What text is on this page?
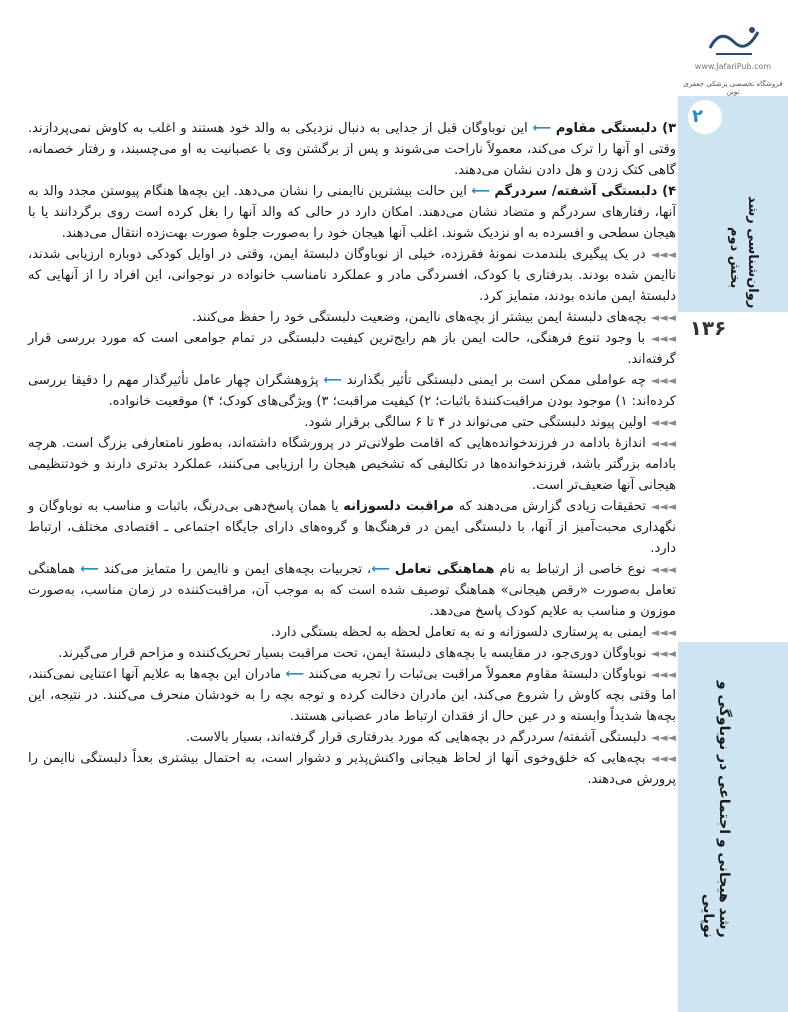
www.JafariPub.com
فروشگاه تخصصی پزشکی جعفری نوین
٢
بخش دوم روان‌شناسی رشد
۱۳۶
رشد هیجانی و اجتماعی در نوباوگی و نوپایی

۳) دلبستگی مقاوم ⟵ این نوباوگان قبل از جدایی به دنبال نزدیکی به والد خود هستند و اغلب به کاوش نمی‌پردازند. وقتی او آنها را ترک می‌کند، معمولاً ناراحت می‌شوند و پس از برگشتن وی با عصبانیت به او می‌چسبند، و رفتار خصمانه، گاهی کتک زدن و هل دادن نشان می‌دهند.

۴) دلبستگی آشفته/ سردرگم ⟵ این حالت بیشترین ناایمنی را نشان می‌دهد. این بچه‌ها هنگام پیوستن مجدد والد به آنها، رفتارهای سردرگم و متضاد نشان می‌دهند. امکان دارد در حالی که والد آنها را بغل کرده است روی برگردانند یا با هیجان سطحی و افسرده به او نزدیک شوند. اغلب آنها هیجان خود را به‌صورت جلوهٔ صورت بهت‌زده انتقال می‌دهند.

◄◄◄ در یک پیگیری بلندمدت نمونهٔ فقرزده، خیلی از نوباوگان دلبستهٔ ایمن، وقتی در اوایل کودکی دوباره ارزیابی شدند، ناایمن شده بودند. بدرفتاری با کودک، افسردگی مادر و عملکرد نامناسب خانواده در نوجوانی، این افراد را از آنهایی که دلبستهٔ ایمن مانده بودند، متمایز کرد.

◄◄◄ بچه‌های دلبستهٔ ایمن بیشتر از بچه‌های ناایمن، وضعیت دلبستگی خود را حفظ می‌کنند.

◄◄◄ با وجود تنوع فرهنگی، حالت ایمن باز هم رایج‌ترین کیفیت دلبستگی در تمام جوامعی است که مورد بررسی قرار گرفته‌اند.

◄◄◄ چه عواملی ممکن است بر ایمنی دلبستگی تأثیر بگذارند ⟵ پژوهشگران چهار عامل تأثیرگذار مهم را دقیقا بررسی کرده‌اند: ۱) موجود بودن مراقبت‌کنندهٔ باثبات؛ ۲) کیفیت مراقبت؛ ۳) ویژگی‌های کودک؛ ۴) موقعیت خانواده.

◄◄◄ اولین پیوند دلبستگی حتی می‌تواند در ۴ تا ۶ سالگی برقرار شود.

◄◄◄ اندازهٔ بادامه در فرزندخوانده‌هایی که اقامت طولانی‌تر در پرورشگاه داشته‌اند، به‌طور نامتعارفی بزرگ است. هرچه بادامه بزرگتر باشد، فرزندخوانده‌ها در تکالیفی که تشخیص هیجان را ارزیابی می‌کنند، عملکرد بدتری دارند و خودتنظیمی هیجانی آنها ضعیف‌تر است.

◄◄◄ تحقیقات زیادی گزارش می‌دهند که مراقبت دلسوزانه یا همان پاسخ‌دهی بی‌درنگ، باثبات و مناسب به نوباوگان و نگهداری محبت‌آمیز از آنها، با دلبستگی ایمن در فرهنگ‌ها و گروه‌های دارای جایگاه اجتماعی ـ اقتصادی مختلف، ارتباط دارد.

◄◄◄ نوع خاصی از ارتباط به نام هماهنگی تعامل ⟵، تجربیات بچه‌های ایمن و ناایمن را متمایز می‌کند ⟵ هماهنگی تعامل به‌صورت «رقص هیجانی» هماهنگ توصیف شده است که به موجب آن، مراقبت‌کننده در زمان مناسب، به‌صورت موزون و مناسب به علایم کودک پاسخ می‌دهد.

◄◄◄ ایمنی به پرستاری دلسوزانه و نه به تعامل لحظه به لحظه بستگی دارد.

◄◄◄ نوباوگان دوری‌جو، در مقایسه با بچه‌های دلبستهٔ ایمن، تحت مراقبت بسیار تحریک‌کننده و مزاحم قرار می‌گیرند.

◄◄◄ نوباوگان دلبستهٔ مقاوم معمولاً مراقبت بی‌ثبات را تجربه می‌کنند ⟵ مادران این بچه‌ها به علایم آنها اعتنایی نمی‌کنند، اما وقتی بچه کاوش را شروع می‌کند، این مادران دخالت کرده و توجه بچه را به خودشان منحرف می‌کنند. در نتیجه، این بچه‌ها شدیداً وابسته و در عین حال از فقدان ارتباط مادر عصبانی هستند.

◄◄◄ دلبستگی آشفته/ سردرگم در بچه‌هایی که مورد بدرفتاری قرار گرفته‌اند، بسیار بالاست.

◄◄◄ بچه‌هایی که خلق‌وخوی آنها از لحاظ هیجانی واکنش‌پذیر و دشوار است، به احتمال بیشتری بعداً دلبستگی ناایمن را پرورش می‌دهند.
